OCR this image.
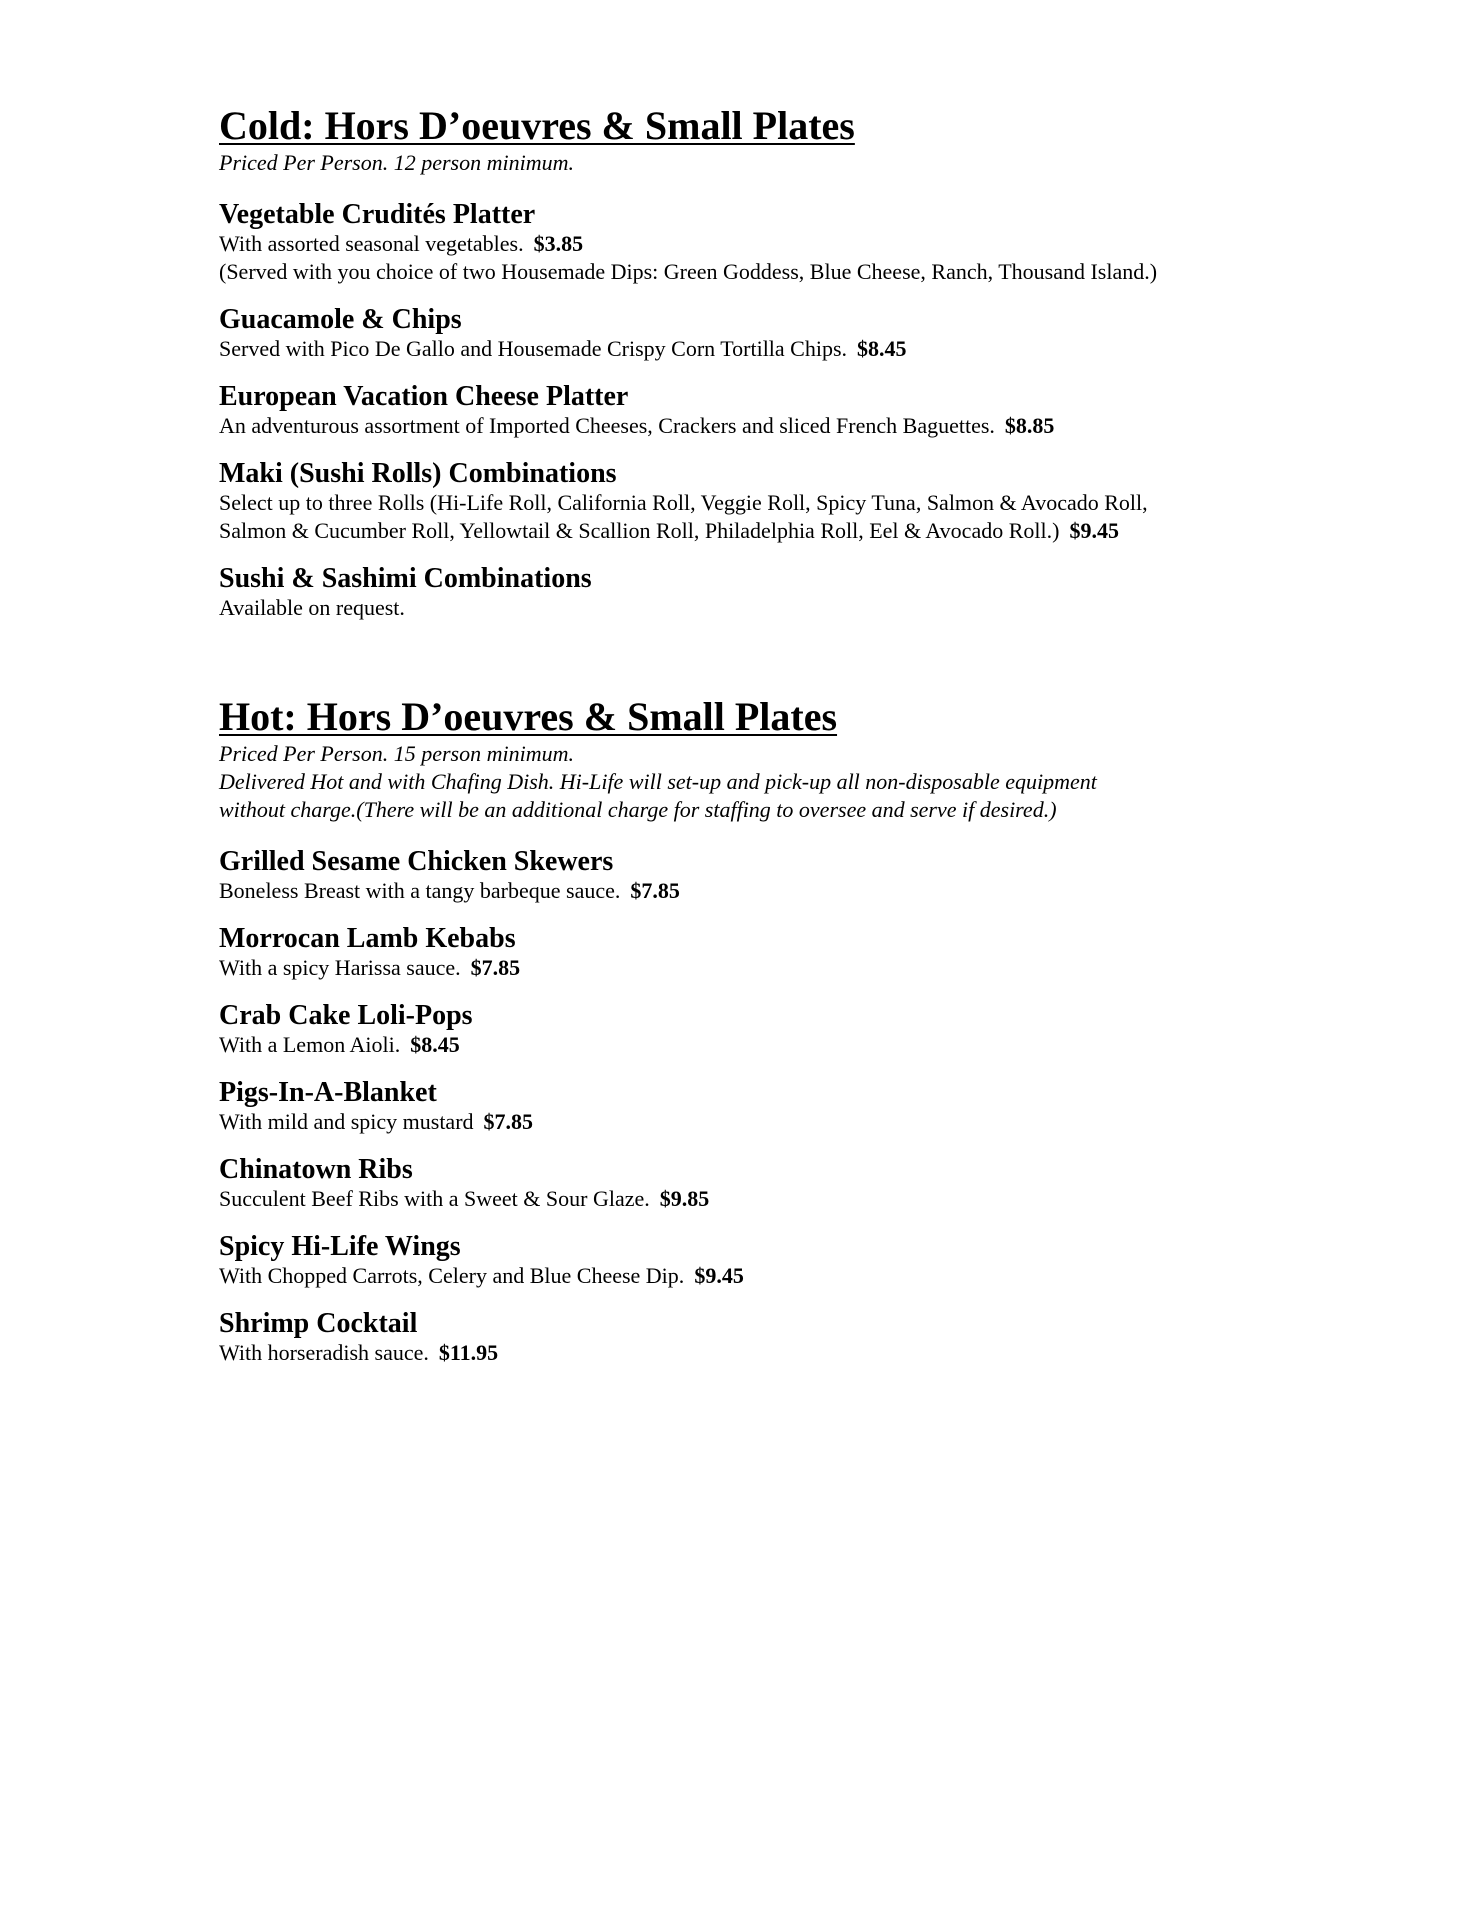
Cold: Hors D’oeuvres & Small Plates

Priced Per Person. 12 person minimum.

Vegetable Crudités Platter

With assorted seasonal vegetables. $3.85

(Served with you choice of two Housemade Dips: Green Goddess, Blue Cheese, Ranch, Thousand Island.)

Guacamole & Chips

Served with Pico De Gallo and Housemade Crispy Corn Tortilla Chips. $8.45

European Vacation Cheese Platter

An adventurous assortment of Imported Cheeses, Crackers and sliced French Baguettes. $8.85

Maki (Sushi Rolls) Combinations

Select up to three Rolls (Hi-Life Roll, California Roll, Veggie Roll, Spicy Tuna, Salmon & Avocado Roll,

Salmon & Cucumber Roll, Yellowtail & Scallion Roll, Philadelphia Roll, Eel & Avocado Roll.) $9.45

Sushi & Sashimi Combinations

Available on request.

Hot: Hors D’oeuvres & Small Plates

Priced Per Person. 15 person minimum.

Delivered Hot and with Chafing Dish. Hi-Life will set-up and pick-up all non-disposable equipment

without charge.(There will be an additional charge for staffing to oversee and serve if desired.)

Grilled Sesame Chicken Skewers

Boneless Breast with a tangy barbeque sauce. $7.85

Morrocan Lamb Kebabs

With a spicy Harissa sauce. $7.85

Crab Cake Loli-Pops

With a Lemon Aioli. $8.45

Pigs-In-A-Blanket

With mild and spicy mustard $7.85

Chinatown Ribs

Succulent Beef Ribs with a Sweet & Sour Glaze. $9.85

Spicy Hi-Life Wings

With Chopped Carrots, Celery and Blue Cheese Dip. $9.45

Shrimp Cocktail

With horseradish sauce. $11.95
